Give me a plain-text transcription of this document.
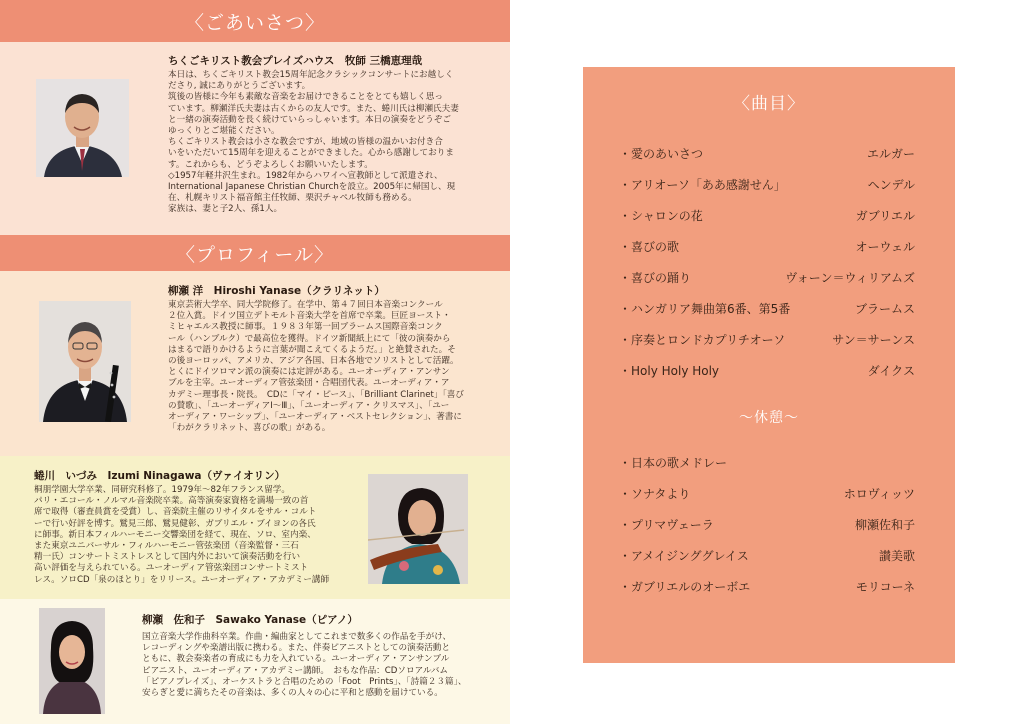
〈ごあいさつ〉
ちくごキリスト教会プレイズハウス　牧師 三橋恵理哉

本日は、ちくごキリスト教会15周年記念クラシックコンサートにお越しく

ださり, 誠にありがとうございます。

筑後の皆様に今年も素敵な音楽をお届けできることをとても嬉しく思っ

ています。柳瀬洋氏夫妻は古くからの友人です。また、蜷川氏は柳瀬氏夫妻

と一緒の演奏活動を長く続けていらっしゃいます。本日の演奏をどうぞご

ゆっくりとご堪能ください。

ちくごキリスト教会は小さな教会ですが、地域の皆様の温かいお付き合

いをいただいて15周年を迎えることができました。心から感謝しておりま

す。これからも、どうぞよろしくお願いいたします。

◇1957年軽井沢生まれ。1982年からハワイへ宣教師として派遣され、

International Japanese Christian Churchを設立。2005年に帰国し、現

在、札幌キリスト福音館主任牧師、栗沢チャペル牧師も務める。

家族は、妻と子2人、孫1人。

〈プロフィール〉
柳瀬 洋　Hiroshi Yanase（クラリネット）

東京芸術大学卒、同大学院修了。在学中、第４７回日本音楽コンクール

２位入賞。ドイツ国立デトモルト音楽大学を首席で卒業。巨匠ヨースト・

ミヒャエルス教授に師事。１９８３年第一回ブラームス国際音楽コンク

ール（ハンブルク）で最高位を獲得。ドイツ新聞紙上にて「彼の演奏から

はまるで語りかけるように言葉が聞こえてくるようだ。」と絶賛された。そ

の後ヨーロッパ、アメリカ、アジア各国、日本各地でソリストとして活躍。

とくにドイツロマン派の演奏には定評がある。ユーオーディア・アンサン

ブルを主宰。ユーオーディア管弦楽団・合唱団代表。ユーオーディア・ア

カデミー理事長・院長。　CDに「マイ・ピース」、「Brilliant Clarinet」「喜び

の賛歌」、「ユーオーディアⅠ～Ⅲ」、「ユーオーディア・クリスマス」、「ユー

オーディア・ワーシップ」、「ユーオーディア・ベストセレクション」、著書に

「わがクラリネット、喜びの歌」がある。

蜷川　いづみ　Izumi Ninagawa（ヴァイオリン）

桐朋学園大学卒業、同研究科修了。1979年～82年フランス留学。

パリ・エコール・ノルマル音楽院卒業。高等演奏家資格を満場一致の首

席で取得（審査員賞を受賞）し、音楽院主催のリサイタルをサル・コルト

ーで行い好評を博す。鷲見三郎、鷲見健彰、ガブリエル・ブイヨンの各氏

に師事。新日本フィルハーモニー交響楽団を経て、現在、ソロ、室内楽、

また東京ユニバーサル・フィルハーモニー管弦楽団（音楽監督・三石

精一氏）コンサートミストレスとして国内外において演奏活動を行い

高い評価を与えられている。ユーオーディア管弦楽団コンサートミスト

レス。ソロCD「泉のほとり」をリリース。ユーオーディア・アカデミー講師

柳瀬　佐和子　Sawako Yanase（ピアノ）

国立音楽大学作曲科卒業。作曲・編曲家としてこれまで数多くの作品を手がけ、

レコーディングや楽譜出版に携わる。また、伴奏ピアニストとしての演奏活動と

ともに、教会奏楽者の育成にも力を入れている。ユーオーディア・アンサンブル

ピアニスト、ユーオーディア・アカデミー講師。　おもな作品：CDソロアルバム

「ピアノプレイズ」、オーケストラと合唱のための「Foot　Prints」、「詩篇２３篇」、

安らぎと愛に満ちたその音楽は、多くの人々の心に平和と感動を届けている。

〈曲目〉
・愛のあいさつ	エルガー
・アリオーソ「ああ感謝せん」	ヘンデル
・シャロンの花	ガブリエル
・喜びの歌	オーウェル
・喜びの踊り	ヴォーン＝ウィリアムズ
・ハンガリア舞曲第6番、第5番	ブラームス
・序奏とロンドカプリチオーソ	サン＝サーンス
・Holy Holy Holy	ダイクス
～休憩～
・日本の歌メドレー
・ソナタより	ホロヴィッツ
・プリマヴェーラ	柳瀬佐和子
・アメイジンググレイス	讃美歌
・ガブリエルのオーボエ	モリコーネ
